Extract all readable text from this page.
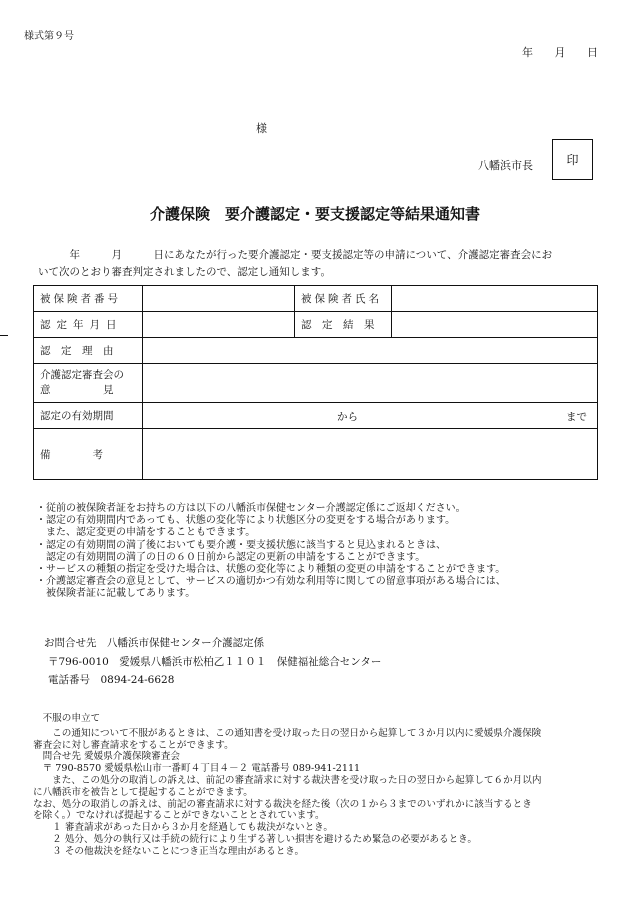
様式第９号
年 月 日
様
八幡浜市長	印
介護保険　要介護認定・要支援認定等結果通知書
　　　年　　　月　　　日にあなたが行った要介護認定・要支援認定等の申請について、介護認定審査会にお
いて次のとおり審査判定されましたので、認定し通知します。
被保険者番号		被保険者氏名	
認定年月日		認　定　結　果	
認　定　理　由			

介護認定審査会の
意　　　　　見			

認定の有効期間	から まで		

備　　　　考			
・従前の被保険者証をお持ちの方は以下の八幡浜市保健センター介護認定係にご返却ください。
・認定の有効期間内であっても、状態の変化等により状態区分の変更をする場合があります。
　また、認定変更の申請をすることもできます。
・認定の有効期間の満了後においても要介護・要支援状態に該当すると見込まれるときは、
　認定の有効期間の満了の日の６０日前から認定の更新の申請をすることができます。
・サービスの種類の指定を受けた場合は、状態の変化等により種類の変更の申請をすることができます。
・介護認定審査会の意見として、サービスの適切かつ有効な利用等に関しての留意事項がある場合には、
　被保険者証に記載してあります。
お問合せ先　八幡浜市保健センター介護認定係
〒796-0010　愛媛県八幡浜市松柏乙１１０１　保健福祉総合センター
電話番号　0894-24-6628
　不服の申立て
　　この通知について不服があるときは、この通知書を受け取った日の翌日から起算して３か月以内に愛媛県介護保険
審査会に対し審査請求をすることができます。
　問合せ先 愛媛県介護保険審査会
　〒 790-8570 愛媛県松山市一番町４丁目４－２ 電話番号 089-941-2111
　　また、この処分の取消しの訴えは、前記の審査請求に対する裁決書を受け取った日の翌日から起算して６か月以内
に八幡浜市を被告として提起することができます。
なお、処分の取消しの訴えは、前記の審査請求に対する裁決を経た後（次の１から３までのいずれかに該当するとき
を除く。）でなければ提起することができないこととされています。
　　１ 審査請求があった日から３か月を経過しても裁決がないとき。
　　２ 処分、処分の執行又は手続の続行により生ずる著しい損害を避けるため緊急の必要があるとき。
　　３ その他裁決を経ないことにつき正当な理由があるとき。
